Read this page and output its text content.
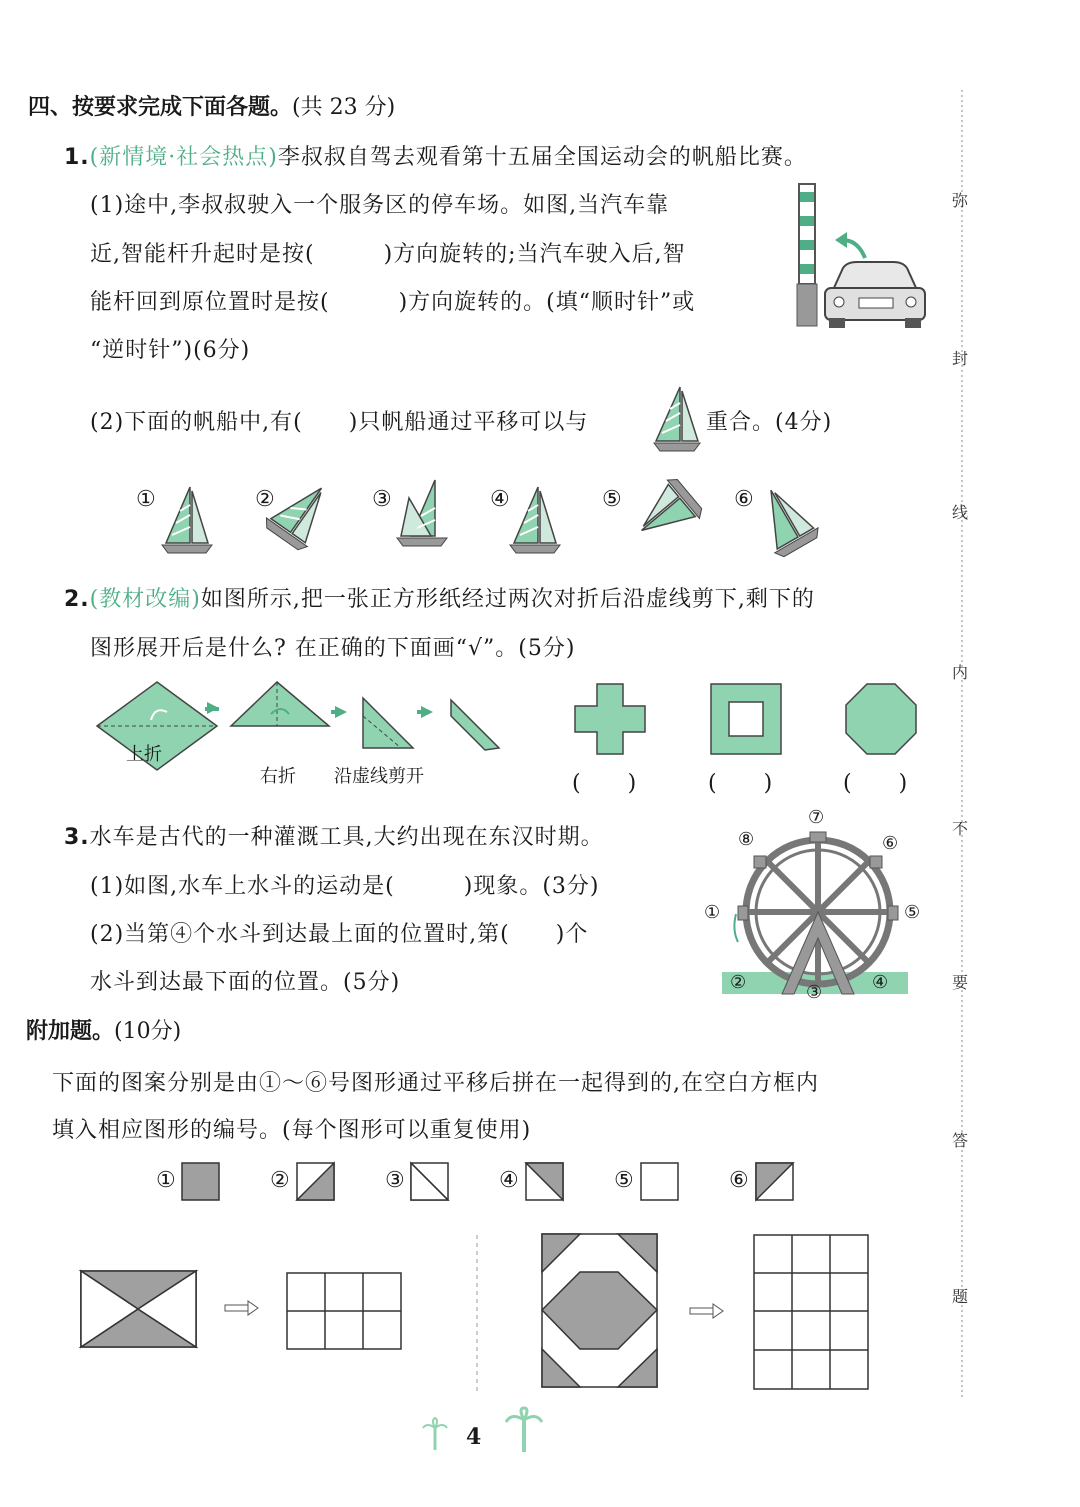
四、按要求完成下面各题。(共 23 分)
1.(新情境·社会热点)李叔叔自驾去观看第十五届全国运动会的帆船比赛。
(1)途中,李叔叔驶入一个服务区的停车场。如图,当汽车靠
近,智能杆升起时是按(　　　)方向旋转的;当汽车驶入后,智
能杆回到原位置时是按(　　　)方向旋转的。(填“顺时针”或
“逆时针”)(6分)
(2)下面的帆船中,有(　　)只帆船通过平移可以与	重合。(4分)
①	②	③	④	⑤	⑥
2.(教材改编)如图所示,把一张正方形纸经过两次对折后沿虚线剪下,剩下的
图形展开后是什么? 在正确的下面画“√”。(5分)
上折
右折 沿虚线剪开	(　　)	(　　)	(　　)
3.水车是古代的一种灌溉工具,大约出现在东汉时期。
(1)如图,水车上水斗的运动是(　　　)现象。(3分)
(2)当第④个水斗到达最上面的位置时,第(　　)个
水斗到达最下面的位置。(5分)
⑦
⑧	⑥
①	⑤
②	④
③
附加题。(10分)
下面的图案分别是由①～⑥号图形通过平移后拼在一起得到的,在空白方框内
填入相应图形的编号。(每个图形可以重复使用)
①	②	③	④	⑤	⑥
弥
封
线
内
不
要
答
题
4
